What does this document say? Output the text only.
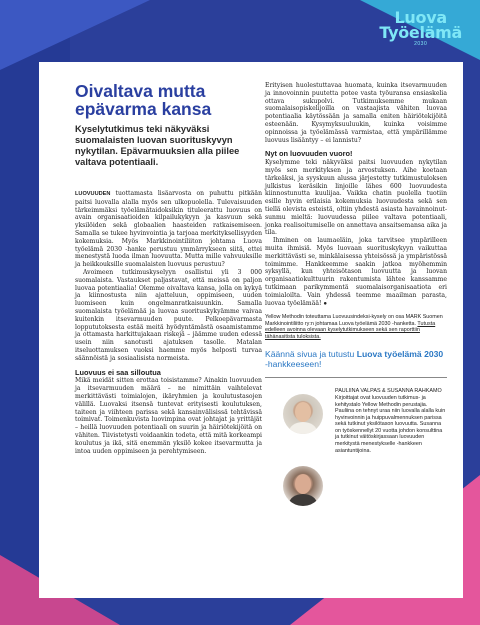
Luova
Työelämä
2030
Oivaltava mutta epävarma kansa
Kyselytutkimus teki näkyväksi suomalaisten luovan suorituskyvyn nykytilan. Epävarmuuksien alla piilee valtava potentiaali.

LUOVUUDEN tuottamasta lisäarvosta on puhuttu pitkään paitsi luovalla alalla myös sen ulkopuolella. Tulevaisuuden tärkeimmäksi työelämätaidoksikin tituleerattu luovuus on avain organisaatioiden kilpailukykyyn ja kasvuun sekä yksilöiden sekä globaalien haasteiden ratkaisemiseen. Samalla se tukee hyvinvointia ja tarjoaa merkityksellisyyden kokemuksia. Myös Markkinointiliiton johtama Luova työelämä 2030 -hanke perustuu ymmärrykseen siitä, ettei menestystä luoda ilman luovuutta. Mutta mille vahvuuksille ja heikkouksille suomalaisten luovuus perustuu?

Avoimeen tutkimuskyselyyn osallistui yli 3 000 suomalaista. Vastaukset paljastavat, että meissä on paljon luovaa potentiaalia! Olemme oivaltava kansa, jolla on kykyä ja kiinnostusta niin ajatteluun, oppimiseen, uuden luomiseen kuin ongelmanratkaisuunkin. Samalla suomalaista työelämää ja luovaa suorituskykyämme vaivaa kuitenkin itsevarmuuden puute. Pelkoepävarmasta loppututoksesta estää meitä hyödyntämästä osaamistamme ja ottamasta harkittujakaan riskejä – jäämme uuden edessä usein niin sanotusti ajatuksen tasolle. Matalan itseluottamuksen vuoksi haemme myös helposti turvaa säännöistä ja sosiaalisista normeista.

Luovuus ei saa silloutua

Mikä meidät sitten erottaa toisistamme? Ainakin luovuuden ja itsevarmuuden määrä – ne nimittäin vaihtelevat merkittävästi toimialojen, ikäryhmien ja koulutustasojen välillä. Luovaksi itsensä tuntevat erityisesti koulutuksen, taiteen ja viihteen parissa sekä kansainvälisissä tehtävissä toimivat. Toimenkuvista luovimpina ovat johtajat ja yrittäjät – heillä luovuuden potentiaali on suurin ja häiriötekijöitä on vähiten. Tiivistetysti voidaankin todeta, että mitä korkeampi koulutus ja ikä, sitä enemmän yksilö kokee itsevarmutta ja intoa uuden oppimiseen ja perehtymiseen.

Erityisen huolestuttavaa huomata, kuinka itsevarmuuden ja innovoinnin puutetta potee vasta työuransa ensiaskelia ottava sukupolvi. Tutkimuksemme mukaan suomalaisopiskelijoilla on vastaajista vähiten luovaa potentiaalia käytössään ja samalla eniten häiriötekijöitä esteenään. Kysymyksuuluukin, kuinka voisimme opinnoissa ja työelämässä varmistaa, että ympärillämme luovuus lisääntyy – ei lannistu?

Nyt on luovuuden vuoro!

Kyselymme teki näkyväksi paitsi luovuuden nykytilan myös sen merkityksen ja arvostuksen. Aihe koetaan tärkeäksi, ja syyskuun alussa järjestetty tutkimustuloksen julkistus keräsikin linjoille lähes 600 luovuudesta kiinnostunutta kuulijaa. Vaikka chatin puolella tuotiin esille hyvin erilaisia kokemuksia luovuudesta sekä sen tiellä olevista esteistä, oltiin yhdestä asiasta havainnoinut-sunmu mieltä: luovuudessa piilee valtava potentiaali, jonka realisoitumiselle on annettava ansaitsemansa aika ja tila.

Ihminen on laumaeläin, joka tarvitsee ympärilleen muita ihmisiä. Myös luovaan suorituskykyyn vaikuttaa merkittävästi se, minkälaisessa yhteisössä ja ympäristössä toimimme. Hankkeemme saakin jatkoa myöhemmin syksyllä, kun yhteisötason luovuutta ja luovan organisaatiokulttuurin rakentumista lähtee kanssamme tutkimaan parikymmentä suomalaisorganisaatiota eri toimialoilta. Vain yhdessä teemme maailman parasta, luovaa työelämää! ●

Yellow Methodin toteuttama Luovuusindeksi-kysely on osa MARK Suomen Markkinointiliitto ry:n johtamaa Luova työelämä 2030 -hanketta. Tutusta edelleen avoinna olevaan kyselytutkimukseen sekä sen raporttiin tähänasitista tuloksista.
Käännä sivua ja tutustu Luova työelämä 2030 -hankkeeseen!
PAULIINA VALPAS & SUSANNA RAHKAMO
Kirjoittajat ovat luovuuden tutkimus- ja kehitystalo Yellow Methodin perustajia. Pauliina on tehnyt uraa niin luovalla alalla kuin hyvinvoinnin ja huippuvalmennuksen parissa sekä tutkinut yksilötason luovuutta. Susanna on työskennellyt 20 vuotta johdon konsulttina ja tutkinut väitöskirjassaan luovuuden merkitystä menestykselle -hankkeen asiantuntijoina.
